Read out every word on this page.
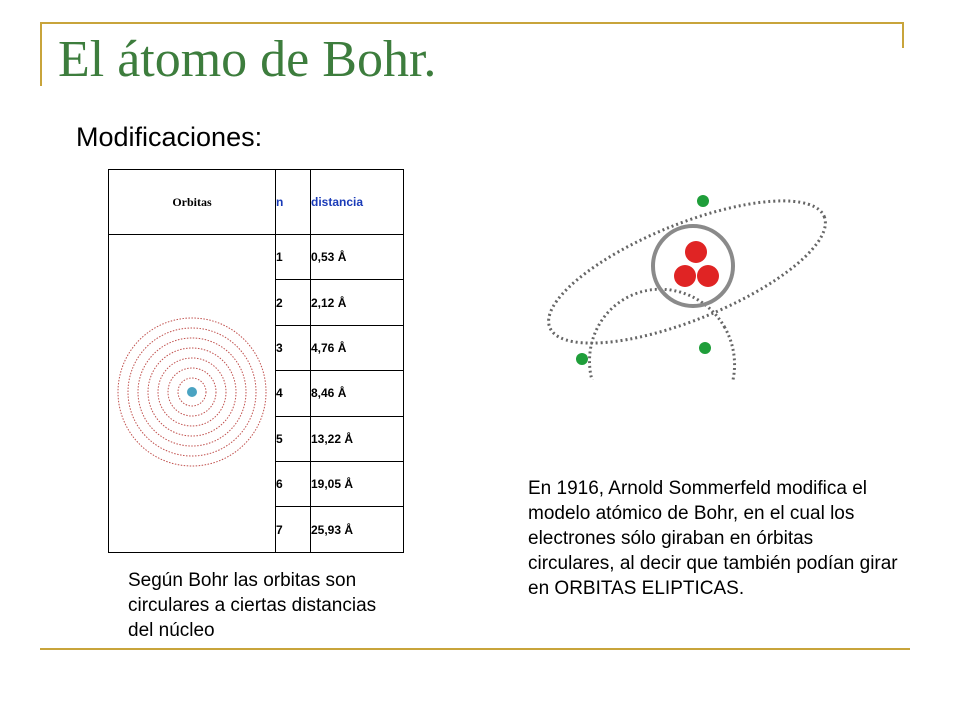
El átomo de Bohr.
Modificaciones:
Orbitas	n	distancia
	1	0,53 Å
	2	2,12 Å
	3	4,76 Å
	4	8,46 Å
	5	13,22 Å
	6	19,05 Å
	7	25,93 Å
Según Bohr las orbitas son circulares a ciertas distancias del núcleo
En 1916, Arnold Sommerfeld modifica el modelo atómico de Bohr, en el cual los electrones sólo giraban en órbitas circulares, al decir que también podían girar en ORBITAS ELIPTICAS.
